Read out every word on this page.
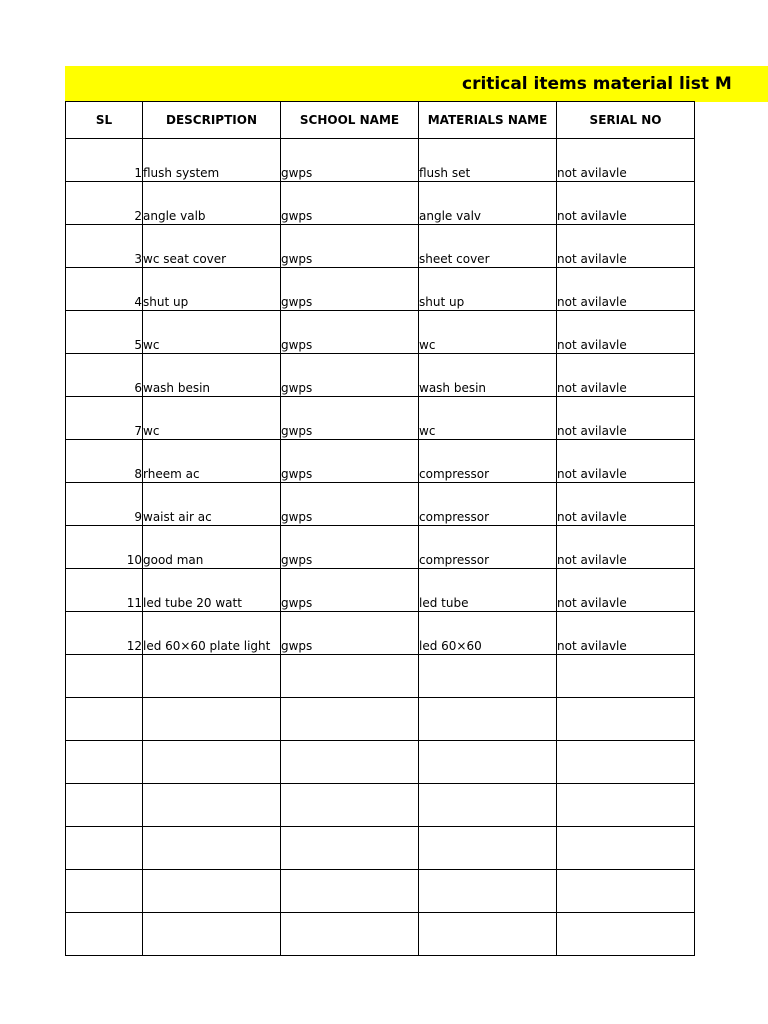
critical items material list M
SL	DESCRIPTION	SCHOOL NAME	MATERIALS NAME	SERIAL NO
1	flush system	gwps	flush set	not avilavle
2	angle valb	gwps	angle valv	not avilavle
3	wc seat cover	gwps	sheet cover	not avilavle
4	shut up	gwps	shut up	not avilavle
5	wc	gwps	wc	not avilavle
6	wash besin	gwps	wash besin	not avilavle
7	wc	gwps	wc	not avilavle
8	rheem ac	gwps	compressor	not avilavle
9	waist air ac	gwps	compressor	not avilavle
10	good man	gwps	compressor	not avilavle
11	led tube 20 watt	gwps	led tube	not avilavle
12	led 60×60 plate light	gwps	led 60×60	not avilavle
